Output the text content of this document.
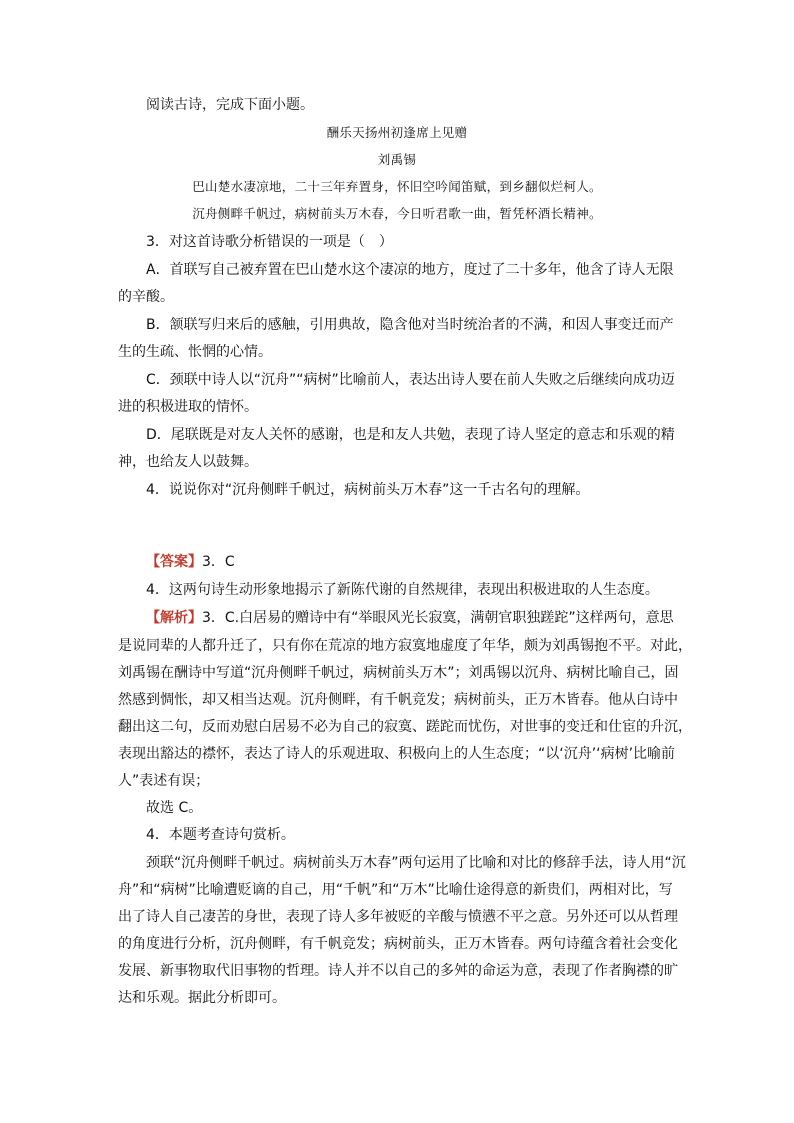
阅读古诗，完成下面小题。
酬乐天扬州初逢席上见赠
刘禹锡
巴山楚水凄凉地，二十三年弃置身，怀旧空吟闻笛赋，到乡翻似烂柯人。
沉舟侧畔千帆过，病树前头万木春，今日听君歌一曲，暂凭杯酒长精神。
3．对这首诗歌分析错误的一项是（　）
A．首联写自己被弃置在巴山楚水这个凄凉的地方，度过了二十多年，他含了诗人无限
的辛酸。
B．颔联写归来后的感触，引用典故，隐含他对当时统治者的不满，和因人事变迁而产
生的生疏、怅惘的心情。
C．颈联中诗人以“沉舟”“病树”比喻前人，表达出诗人要在前人失败之后继续向成功迈
进的积极进取的情怀。
D．尾联既是对友人关怀的感谢，也是和友人共勉，表现了诗人坚定的意志和乐观的精
神，也给友人以鼓舞。
4．说说你对“沉舟侧畔千帆过，病树前头万木春”这一千古名句的理解。
【答案】3．C
4．这两句诗生动形象地揭示了新陈代谢的自然规律，表现出积极进取的人生态度。
【解析】3．C.白居易的赠诗中有“举眼风光长寂寞，满朝官职独蹉跎”这样两句，意思
是说同辈的人都升迁了，只有你在荒凉的地方寂寞地虚度了年华，颇为刘禹锡抱不平。对此，
刘禹锡在酬诗中写道“沉舟侧畔千帆过，病树前头万木”；刘禹锡以沉舟、病树比喻自己，固
然感到惆怅，却又相当达观。沉舟侧畔，有千帆竞发；病树前头，正万木皆春。他从白诗中
翻出这二句，反而劝慰白居易不必为自己的寂寞、蹉跎而忧伤，对世事的变迁和仕宦的升沉，
表现出豁达的襟怀，表达了诗人的乐观进取、积极向上的人生态度；“以‘沉舟’‘病树’比喻前
人”表述有误；
故选 C。
4．本题考查诗句赏析。
颈联“沉舟侧畔千帆过。病树前头万木春”两句运用了比喻和对比的修辞手法，诗人用“沉
舟”和“病树”比喻遭贬谪的自己，用“千帆”和“万木”比喻仕途得意的新贵们，两相对比，写
出了诗人自己凄苦的身世，表现了诗人多年被贬的辛酸与愤懑不平之意。另外还可以从哲理
的角度进行分析，沉舟侧畔，有千帆竞发；病树前头，正万木皆春。两句诗蕴含着社会变化
发展、新事物取代旧事物的哲理。诗人并不以自己的多舛的命运为意，表现了作者胸襟的旷
达和乐观。据此分析即可。
